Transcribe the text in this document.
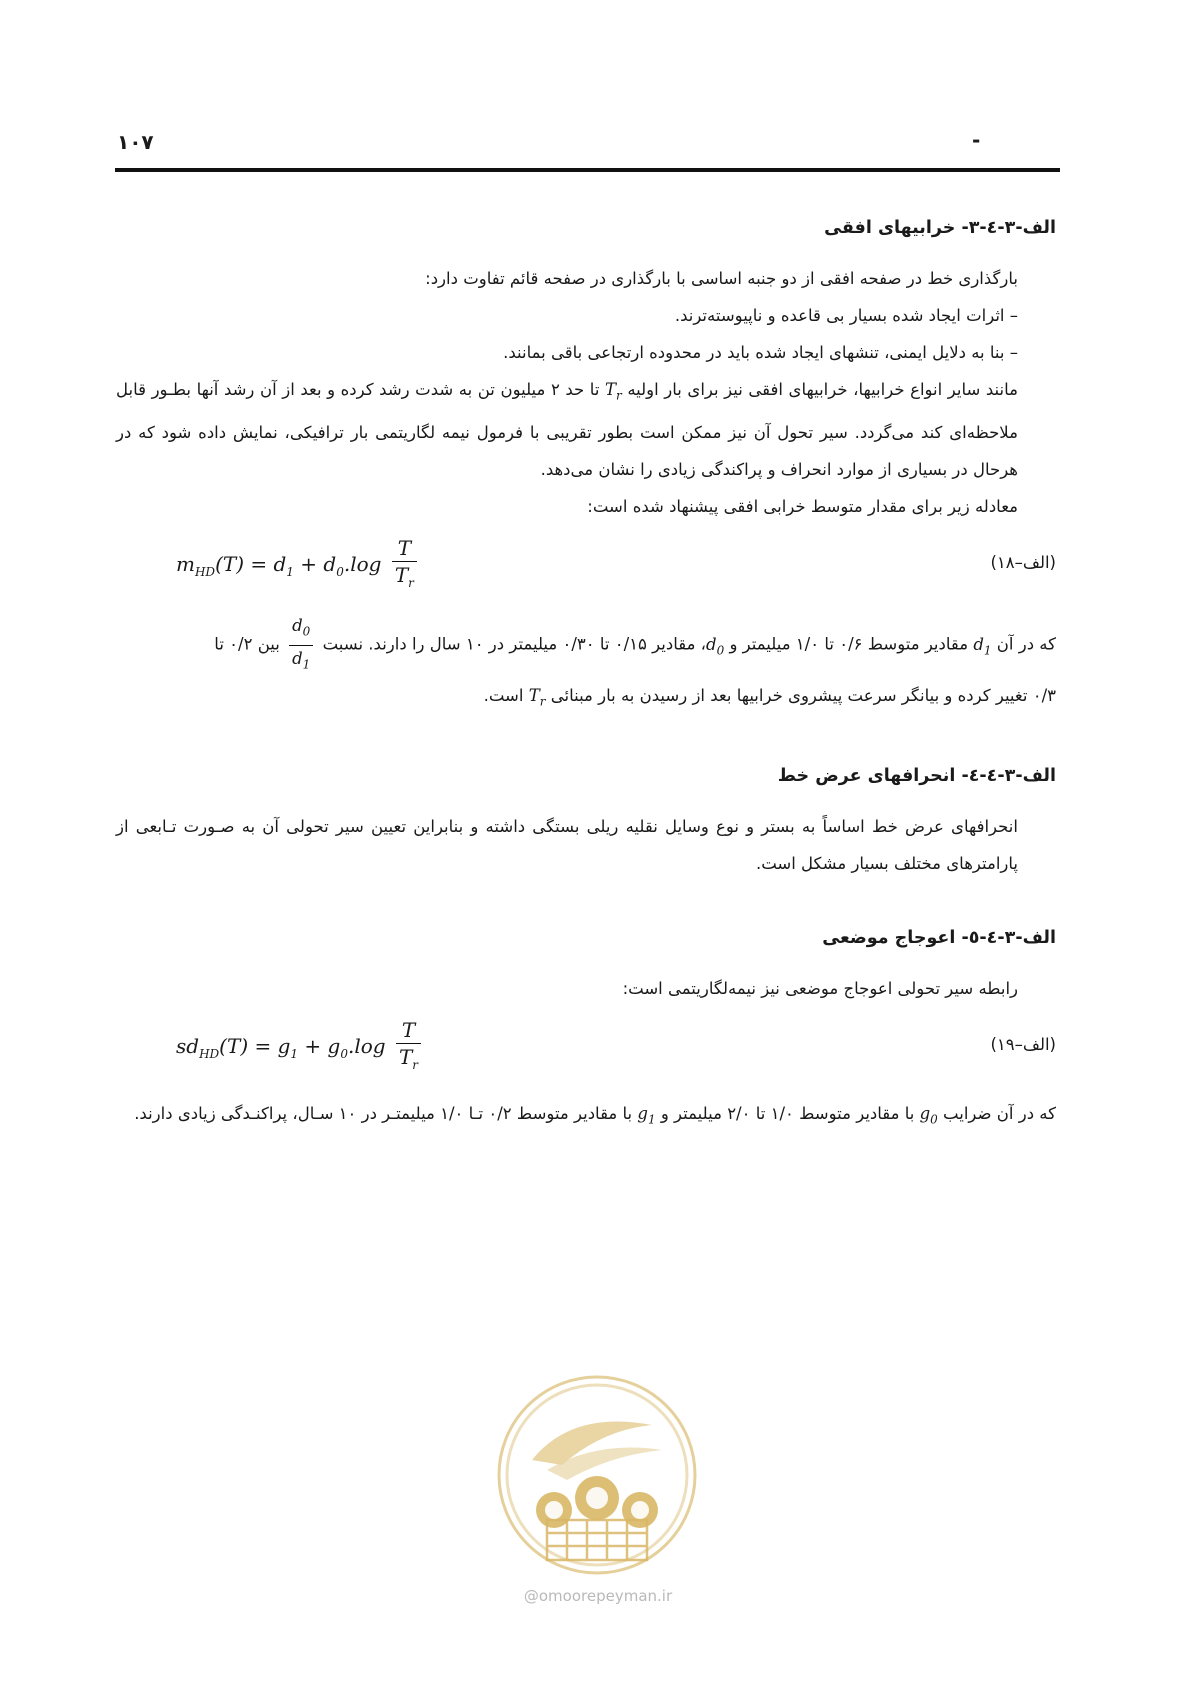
۱۰۷	-
الف-۳-٤-۳- خرابیهای افقی

بارگذاری خط در صفحه افقی از دو جنبه اساسی با بارگذاری در صفحه قائم تفاوت دارد:

– اثرات ایجاد شده بسیار بی قاعده و ناپیوسته‌ترند.

– بنا به دلایل ایمنی، تنشهای ایجاد شده باید در محدوده ارتجاعی باقی بمانند.

مانند سایر انواع خرابیها، خرابیهای افقی نیز برای بار اولیه $T_r$ تا حد ۲ میلیون تن به شدت رشد کرده و بعد از آن رشد آنها بطـور قابل ملاحظه‌ای کند می‌گردد. سیر تحول آن نیز ممکن است بطور تقریبی با فرمول نیمه لگاریتمی بار ترافیکی، نمایش داده شود که در هرحال در بسیاری از موارد انحراف و پراکندگی زیادی را نشان می‌دهد.

معادله زیر برای مقدار متوسط خرابی افقی پیشنهاد شده است:

$m_{HD}(T) = d_1 + d_0.\log \frac{T}{T_r}$	(الف–۱۸)

که در آن $d_1$ مقادیر متوسط ۰/۶ تا ۱/۰ میلیمتر و $d_0،$ مقادیر ۰/۱۵ تا ۰/۳۰ میلیمتر در ۱۰ سال را دارند. نسبت
$\frac{d_0}{d_1}$
بین ۰/۲ تا

۰/۳ تغییر کرده و بیانگر سرعت پیشروی خرابیها بعد از رسیدن به بار مبنائی $T_r$ است.

الف-۳-٤-٤- انحرافهای عرض خط

انحرافهای عرض خط اساساً به بستر و نوع وسایل نقلیه ریلی بستگی داشته و بنابراین تعیین سیر تحولی آن به صـورت تـابعی از پارامترهای مختلف بسیار مشکل است.

الف-۳-٤-٥- اعوجاج موضعی

رابطه سیر تحولی اعوجاج موضعی نیز نیمه‌لگاریتمی است:

$sd_{HD}(T) = g_1 + g_0.\log \frac{T}{T_r}$	(الف–۱۹)

که در آن ضرایب $g_0$ با مقادیر متوسط ۱/۰ تا ۲/۰ میلیمتر و $g_1$ با مقادیر متوسط ۰/۲ تـا ۱/۰ میلیمتـر در ۱۰ سـال، پراکنـدگی زیادی دارند.

@omoorepeyman.ir
